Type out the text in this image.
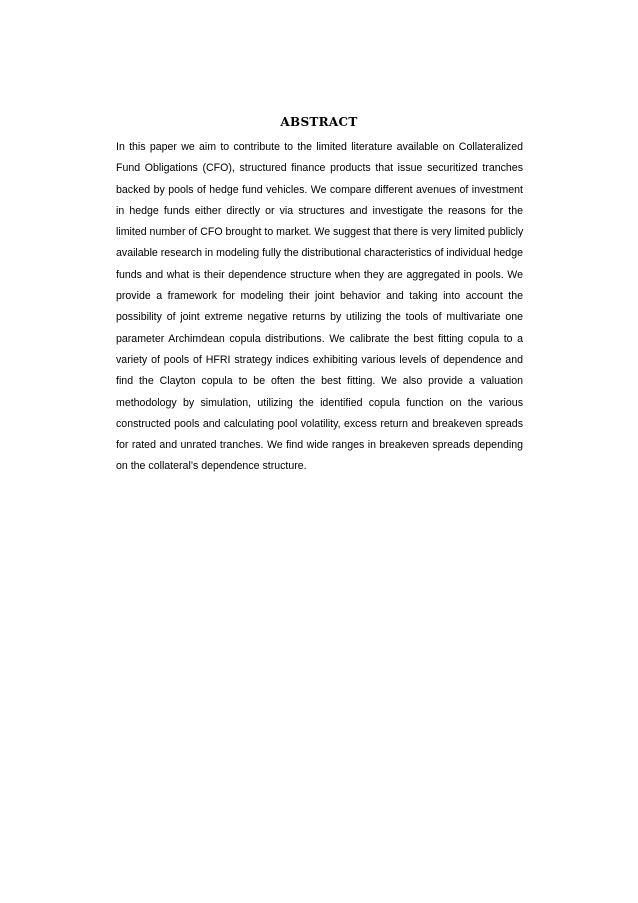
ABSTRACT
In this paper we aim to contribute to the limited literature available on Collateralized
Fund Obligations (CFO), structured finance products that issue securitized tranches
backed by pools of hedge fund vehicles. We compare different avenues of investment
in hedge funds either directly or via structures and investigate the reasons for the
limited number of CFO brought to market. We suggest that there is very limited publicly
available research in modeling fully the distributional characteristics of individual hedge
funds and what is their dependence structure when they are aggregated in pools. We
provide a framework for modeling their joint behavior and taking into account the
possibility of joint extreme negative returns by utilizing the tools of multivariate one
parameter Archimdean copula distributions. We calibrate the best fitting copula to a
variety of pools of HFRI strategy indices exhibiting various levels of dependence and
find the Clayton copula to be often the best fitting. We also provide a valuation
methodology by simulation, utilizing the identified copula function on the various
constructed pools and calculating pool volatility, excess return and breakeven spreads
for rated and unrated tranches. We find wide ranges in breakeven spreads depending
on the collateral’s dependence structure.
